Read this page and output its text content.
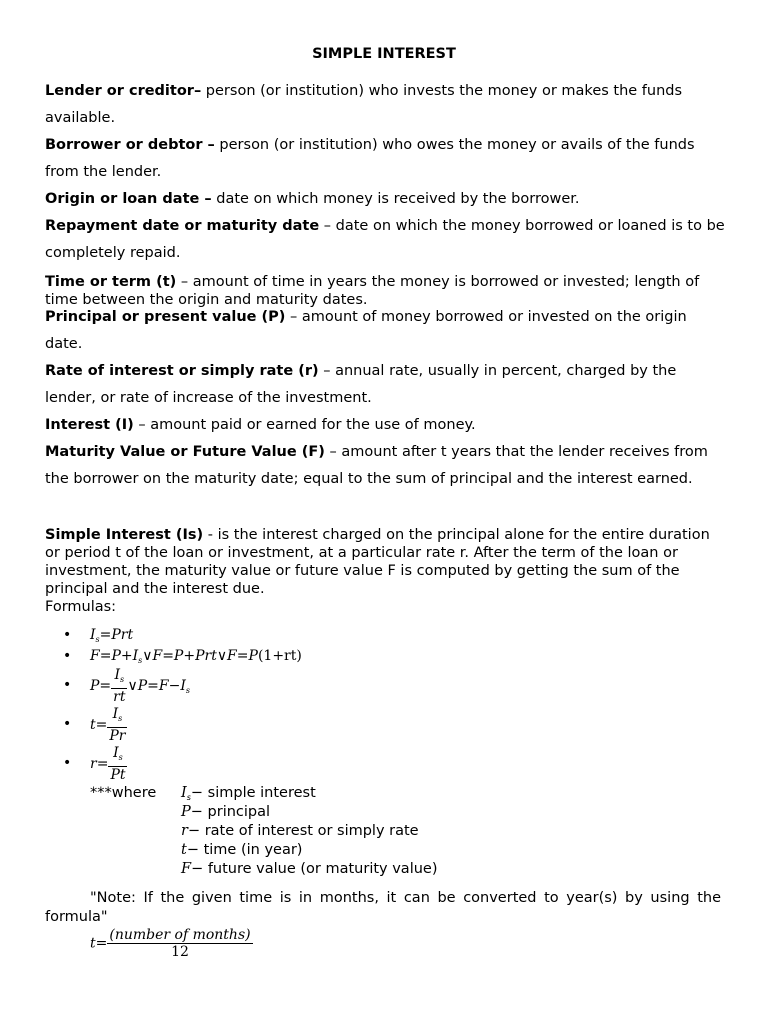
SIMPLE INTEREST
Lender or creditor– person (or institution) who invests the money or makes the funds available.
Borrower or debtor – person (or institution) who owes the money or avails of the funds from the lender.
Origin or loan date – date on which money is received by the borrower.
Repayment date or maturity date – date on which the money borrowed or loaned is to be completely repaid.
Time or term (t) – amount of time in years the money is borrowed or invested; length of time between the origin and maturity dates.
Principal or present value (P) – amount of money borrowed or invested on the origin date.
Rate of interest or simply rate (r) – annual rate, usually in percent, charged by the lender, or rate of increase of the investment.
Interest (I) – amount paid or earned for the use of money.
Maturity Value or Future Value (F) – amount after t years that the lender receives from the borrower on the maturity date; equal to the sum of principal and the interest earned.
Simple Interest (Is) - is the interest charged on the principal alone for the entire duration or period t of the loan or investment, at a particular rate r. After the term of the loan or investment, the maturity value or future value F is computed by getting the sum of the principal and the interest due.
Formulas:
•
•
•
•
•
$I_s=Prt$
$F=P+I_s\vee F=P+Prt\vee F=P(1+rt)$
$P= \frac{I_s}{rt}$ $\vee P=F-I_s$
$t= \frac{I_s}{Pr}$
$r= \frac{I_s}{Pt}$
***where $I_s-$ simple interest
P− principal
r− rate of interest or simply rate
t− time (in year)
F− future value (or maturity value)
"Note: If the given time is in months, it can be converted to year(s) by using the formula"
$t= \frac{\text{(number of months)}}{12}$
